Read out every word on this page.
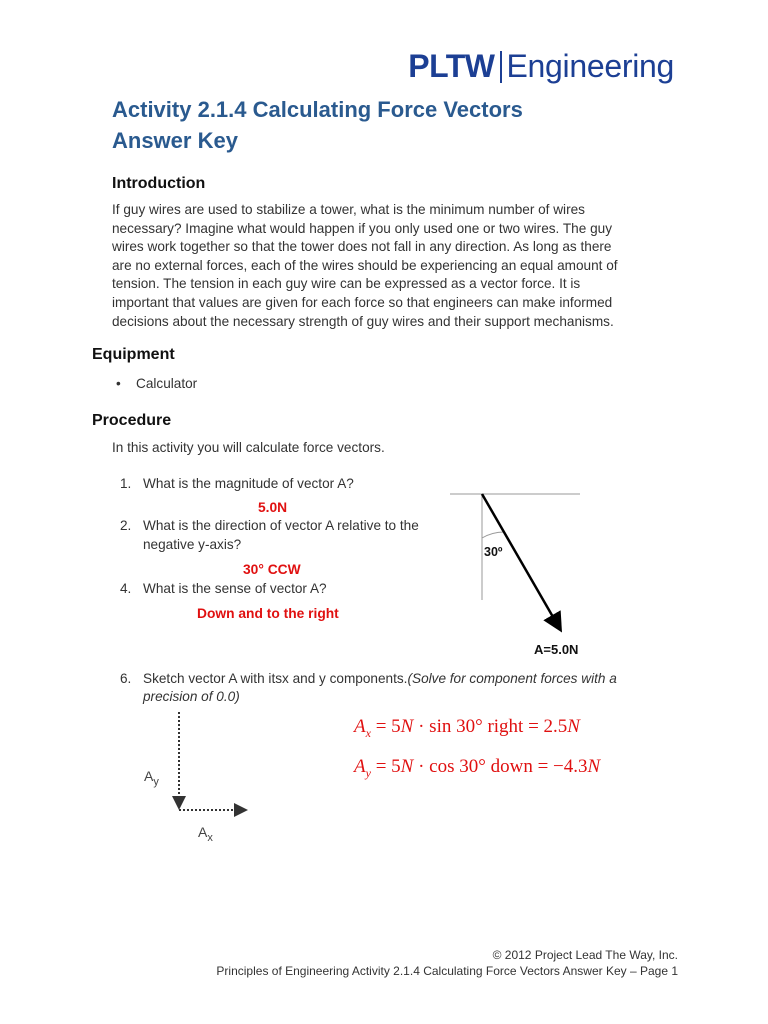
PLTW Engineering
Activity 2.1.4 Calculating Force Vectors
Answer Key
Introduction
If guy wires are used to stabilize a tower, what is the minimum number of wires
necessary? Imagine what would happen if you only used one or two wires. The guy
wires work together so that the tower does not fall in any direction. As long as there
are no external forces, each of the wires should be experiencing an equal amount of
tension. The tension in each guy wire can be expressed as a vector force. It is
important that values are given for each force so that engineers can make informed
decisions about the necessary strength of guy wires and their support mechanisms.
Equipment
• Calculator
Procedure
In this activity you will calculate force vectors.
1. What is the magnitude of vector A?
5.0N
2. What is the direction of vector A relative to the
negative y-axis?
30° CCW
4. What is the sense of vector A?
Down and to the right
30º
A=5.0N
6. Sketch vector A with itsx and y components.(Solve for component forces with a
precision of 0.0)
$A_y$
$A_x$
$A_x = 5N \cdot \sin 30^\circ$ right = 2.5N
$A_y = 5N \cdot \cos 30^\circ$ down = −4.3N
© 2012 Project Lead The Way, Inc.
Principles of Engineering Activity 2.1.4 Calculating Force Vectors Answer Key – Page 1
